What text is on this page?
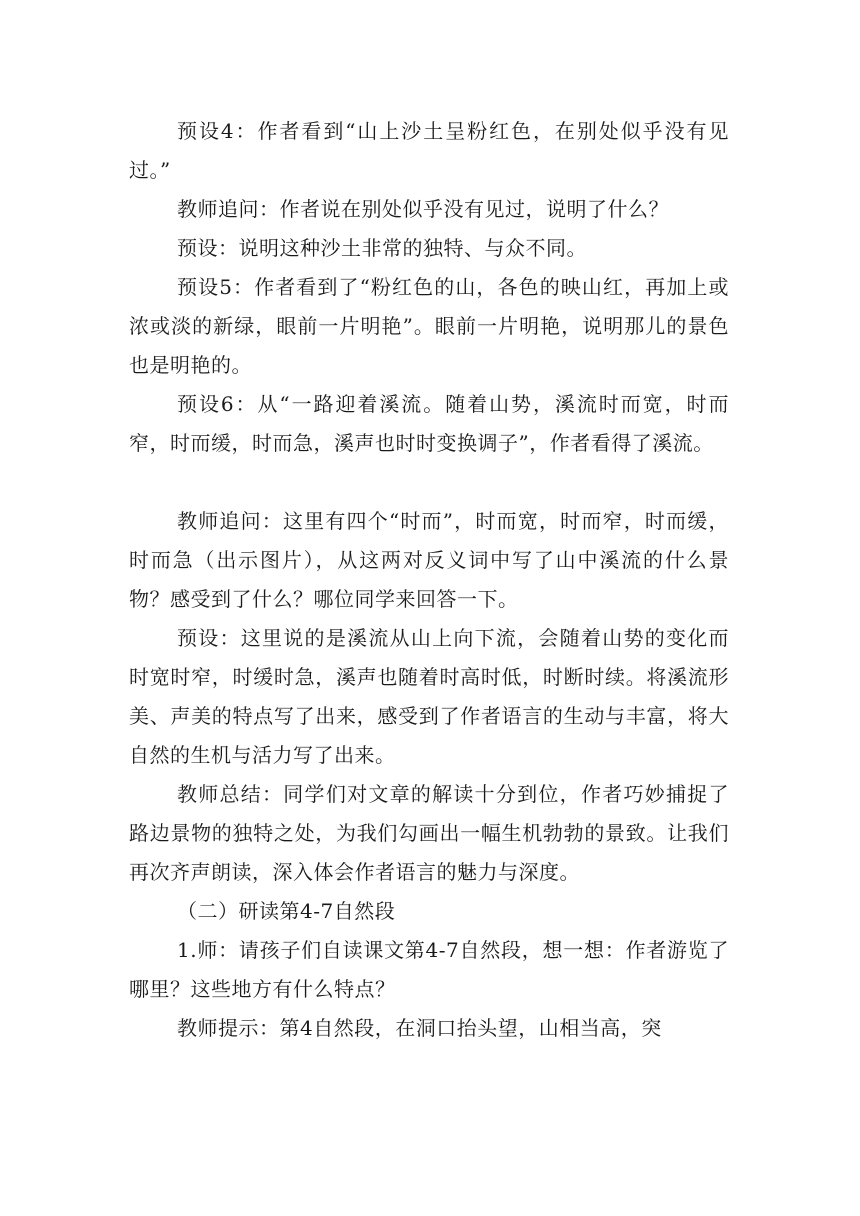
预设4：作者看到“山上沙土呈粉红色，在别处似乎没有见过。”

教师追问：作者说在别处似乎没有见过，说明了什么？

预设：说明这种沙土非常的独特、与众不同。

预设5：作者看到了“粉红色的山，各色的映山红，再加上或浓或淡的新绿，眼前一片明艳”。眼前一片明艳，说明那儿的景色也是明艳的。

预设6：从“一路迎着溪流。随着山势，溪流时而宽，时而窄，时而缓，时而急，溪声也时时变换调子”，作者看得了溪流。

教师追问：这里有四个“时而”，时而宽，时而窄，时而缓，时而急（出示图片），从这两对反义词中写了山中溪流的什么景物？感受到了什么？哪位同学来回答一下。

预设：这里说的是溪流从山上向下流，会随着山势的变化而时宽时窄，时缓时急，溪声也随着时高时低，时断时续。将溪流形美、声美的特点写了出来，感受到了作者语言的生动与丰富，将大自然的生机与活力写了出来。

教师总结：同学们对文章的解读十分到位，作者巧妙捕捉了路边景物的独特之处，为我们勾画出一幅生机勃勃的景致。让我们再次齐声朗读，深入体会作者语言的魅力与深度。

（二）研读第4-7自然段

1.师：请孩子们自读课文第4-7自然段，想一想：作者游览了哪里？这些地方有什么特点？

教师提示：第4自然段，在洞口抬头望，山相当高，突
